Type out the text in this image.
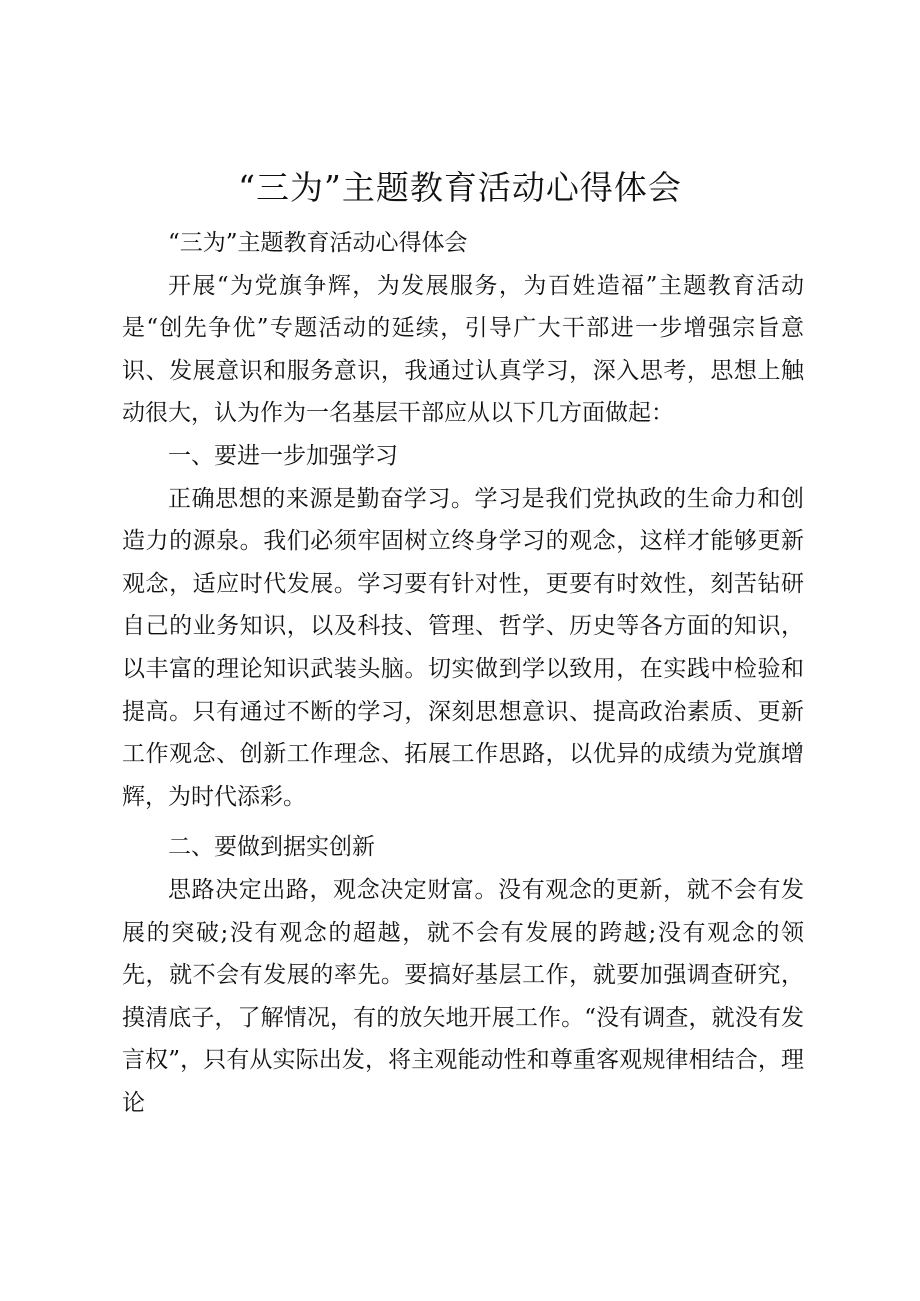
“三为”主题教育活动心得体会

“三为”主题教育活动心得体会

开展“为党旗争辉，为发展服务，为百姓造福”主题教育活动是“创先争优”专题活动的延续，引导广大干部进一步增强宗旨意识、发展意识和服务意识，我通过认真学习，深入思考，思想上触动很大，认为作为一名基层干部应从以下几方面做起：

一、要进一步加强学习

正确思想的来源是勤奋学习。学习是我们党执政的生命力和创造力的源泉。我们必须牢固树立终身学习的观念，这样才能够更新观念，适应时代发展。学习要有针对性，更要有时效性，刻苦钻研自己的业务知识，以及科技、管理、哲学、历史等各方面的知识，以丰富的理论知识武装头脑。切实做到学以致用，在实践中检验和提高。只有通过不断的学习，深刻思想意识、提高政治素质、更新工作观念、创新工作理念、拓展工作思路，以优异的成绩为党旗增辉，为时代添彩。

二、要做到据实创新

思路决定出路，观念决定财富。没有观念的更新，就不会有发展的突破;没有观念的超越，就不会有发展的跨越;没有观念的领先，就不会有发展的率先。要搞好基层工作，就要加强调查研究，摸清底子，了解情况，有的放矢地开展工作。“没有调查，就没有发言权”，只有从实际出发，将主观能动性和尊重客观规律相结合，理论
